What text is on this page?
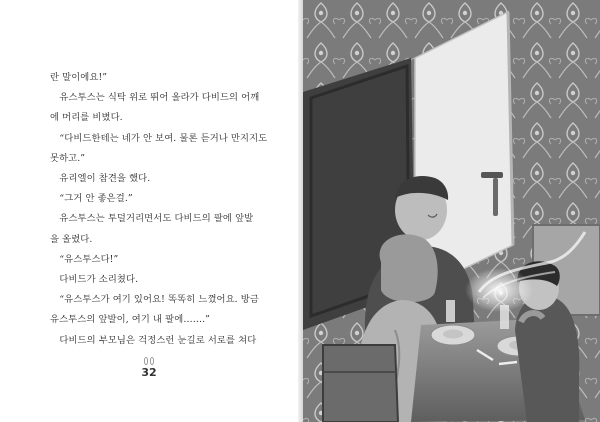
란 말이에요!”

　유스투스는 식탁 위로 뛰어 올라가 다비드의 어깨

에 머리를 비볐다.

　“다비드한테는 네가 안 보여. 물론 듣거나 만지지도

못하고.”

　유리엘이 참견을 했다.

　“그거 안 좋은걸.”

　유스투스는 투덜거리면서도 다비드의 팔에 앞발

을 올렸다.

　“유스투스다!”

　다비드가 소리쳤다.

　“유스투스가 여기 있어요! 똑똑히 느꼈어요. 방금

유스투스의 앞발이, 여기 내 팔에…….”

　다비드의 부모님은 걱정스런 눈길로 서로를 쳐다

32
